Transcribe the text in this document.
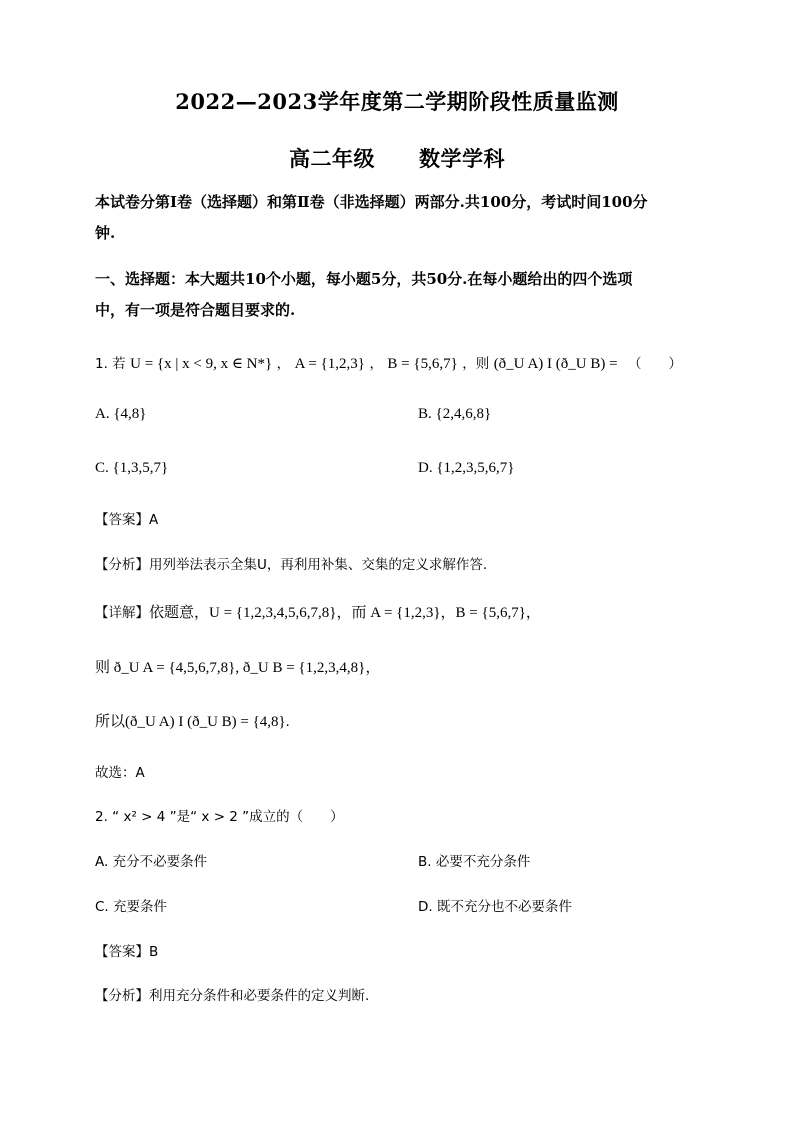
2022—2023学年度第二学期阶段性质量监测
高二年级 数学学科
本试卷分第Ⅰ卷（选择题）和第Ⅱ卷（非选择题）两部分.共100分，考试时间100分
钟.
一、选择题：本大题共10个小题，每小题5分，共50分.在每小题给出的四个选项
中，有一项是符合题目要求的.
1. 若 U = {x | x < 9, x ∈ N*} ， A = {1,2,3} ， B = {5,6,7} ，则 (ð_U A) I (ð_U B) = （　　）
A. {4,8}	B. {2,4,6,8}
C. {1,3,5,7}	D. {1,2,3,5,6,7}
【答案】A
【分析】用列举法表示全集U，再利用补集、交集的定义求解作答.
【详解】依题意，U = {1,2,3,4,5,6,7,8}，而 A = {1,2,3}，B = {5,6,7}，
则 ð_U A = {4,5,6,7,8}, ð_U B = {1,2,3,4,8}，
所以(ð_U A) I (ð_U B) = {4,8}.
故选：A
2. “ x² > 4 ”是“ x > 2 ”成立的（　　）
A. 充分不必要条件	B. 必要不充分条件
C. 充要条件	D. 既不充分也不必要条件
【答案】B
【分析】利用充分条件和必要条件的定义判断.
